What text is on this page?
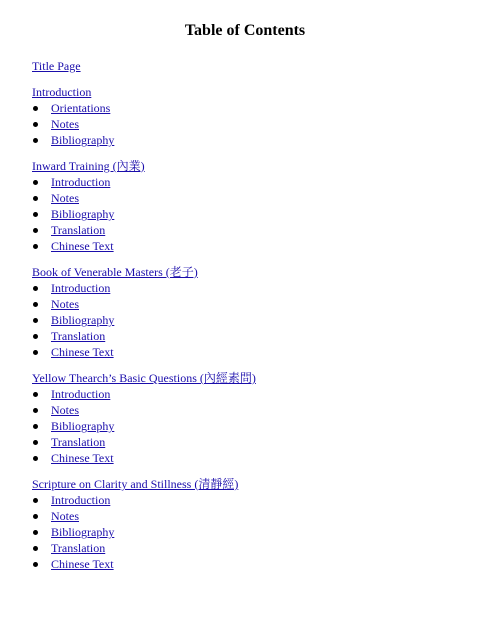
Table of Contents
Title Page
Introduction
Orientations
Notes
Bibliography
Inward Training (內業)
Introduction
Notes
Bibliography
Translation
Chinese Text
Book of Venerable Masters (老子)
Introduction
Notes
Bibliography
Translation
Chinese Text
Yellow Thearch’s Basic Questions (內經素問)
Introduction
Notes
Bibliography
Translation
Chinese Text
Scripture on Clarity and Stillness (清靜經)
Introduction
Notes
Bibliography
Translation
Chinese Text
